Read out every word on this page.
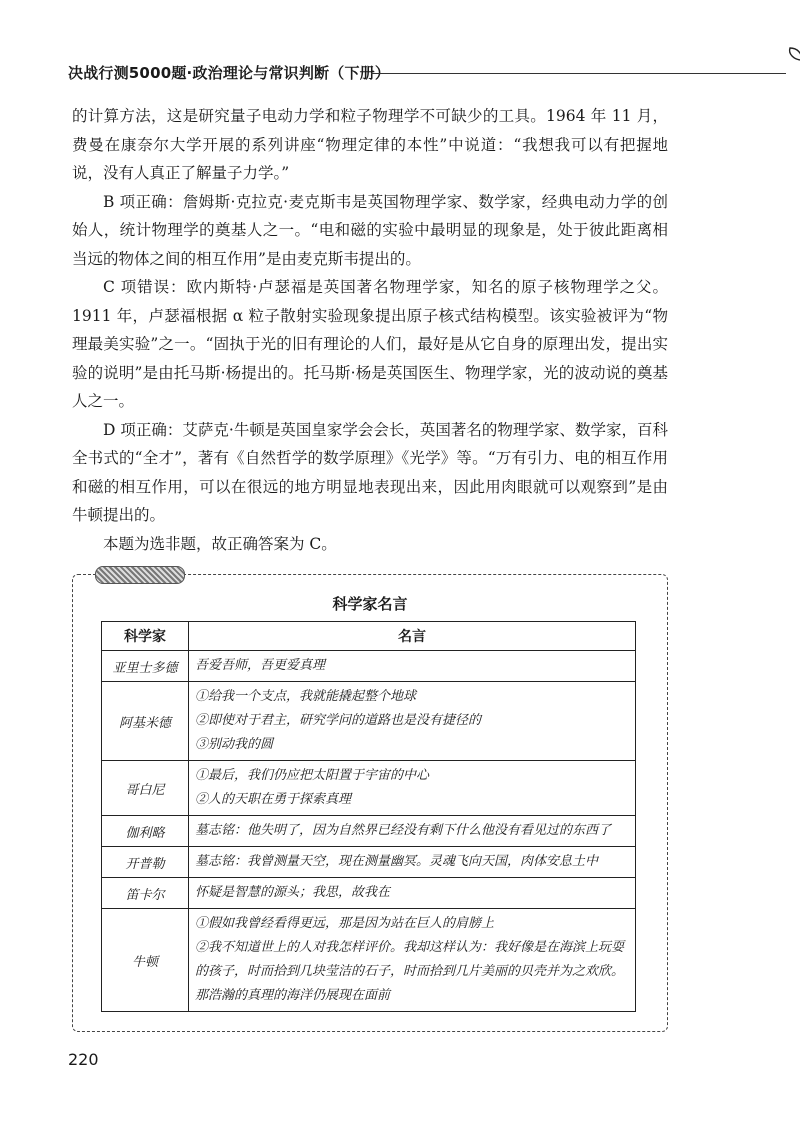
决战行测5000题·政治理论与常识判断（下册）

的计算方法，这是研究量子电动力学和粒子物理学不可缺少的工具。1964 年 11 月，费曼在康奈尔大学开展的系列讲座“物理定律的本性”中说道：“我想我可以有把握地说，没有人真正了解量子力学。”

B 项正确：詹姆斯·克拉克·麦克斯韦是英国物理学家、数学家，经典电动力学的创始人，统计物理学的奠基人之一。“电和磁的实验中最明显的现象是，处于彼此距离相当远的物体之间的相互作用”是由麦克斯韦提出的。

C 项错误：欧内斯特·卢瑟福是英国著名物理学家，知名的原子核物理学之父。1911 年，卢瑟福根据 α 粒子散射实验现象提出原子核式结构模型。该实验被评为“物理最美实验”之一。“固执于光的旧有理论的人们，最好是从它自身的原理出发，提出实验的说明”是由托马斯·杨提出的。托马斯·杨是英国医生、物理学家，光的波动说的奠基人之一。

D 项正确：艾萨克·牛顿是英国皇家学会会长，英国著名的物理学家、数学家，百科全书式的“全才”，著有《自然哲学的数学原理》《光学》等。“万有引力、电的相互作用和磁的相互作用，可以在很远的地方明显地表现出来，因此用肉眼就可以观察到”是由牛顿提出的。

本题为选非题，故正确答案为 C。

科学家名言
科学家	名言
亚里士多德	吾爱吾师，吾更爱真理

阿基米德	①给我一个支点，我就能撬起整个地球
②即使对于君主，研究学问的道路也是没有捷径的
③别动我的圆

哥白尼	①最后，我们仍应把太阳置于宇宙的中心
②人的天职在勇于探索真理

伽利略	墓志铭：他失明了，因为自然界已经没有剩下什么他没有看见过的东西了

开普勒	墓志铭：我曾测量天空，现在测量幽冥。灵魂飞向天国，肉体安息土中

笛卡尔	怀疑是智慧的源头；我思，故我在

牛顿	①假如我曾经看得更远，那是因为站在巨人的肩膀上
②我不知道世上的人对我怎样评价。我却这样认为：我好像是在海滨上玩耍的孩子，时而拾到几块莹洁的石子，时而拾到几片美丽的贝壳并为之欢欣。那浩瀚的真理的海洋仍展现在面前
220
